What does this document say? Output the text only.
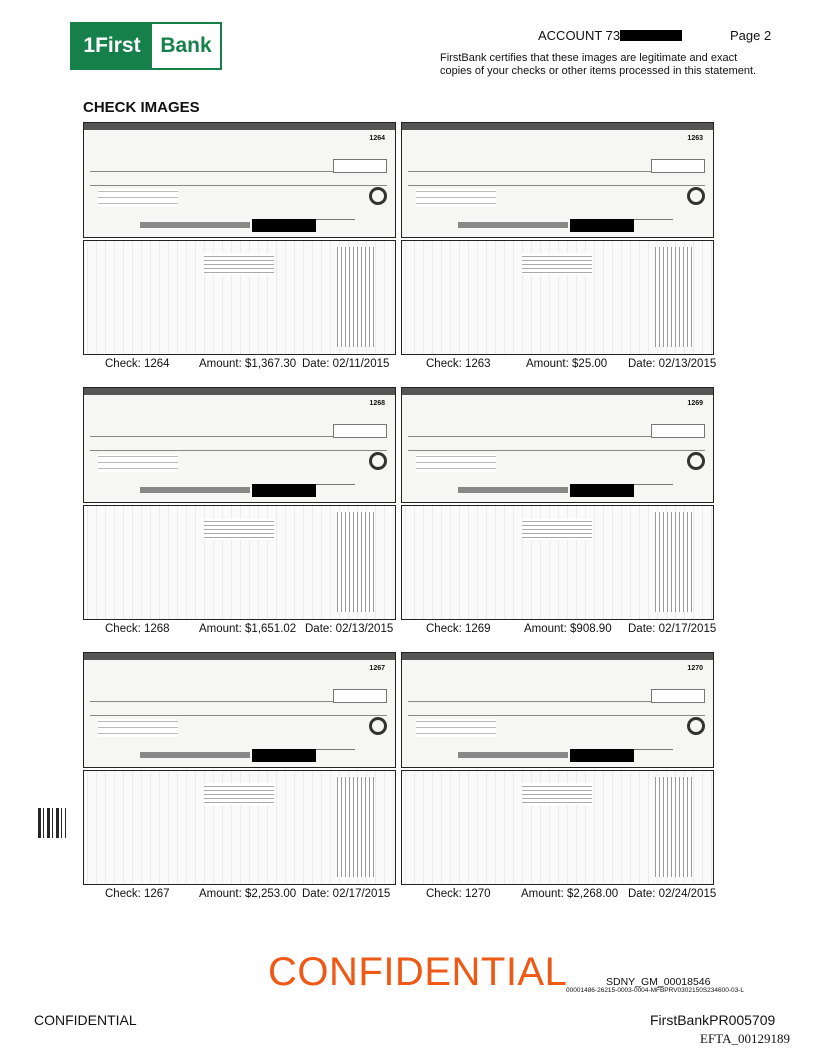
1First Bank	ACCOUNT 73	Page 2
FirstBank certifies that these images are legitimate and exact copies of your checks or other items processed in this statement.
CHECK IMAGES
1264
Check: 1264	Amount: $1,367.30 Date: 02/11/2015
1263
Check: 1263	Amount: $25.00 Date: 02/13/2015
1268
Check: 1268	Amount: $1,651.02 Date: 02/13/2015
1269
Check: 1269	Amount: $908.90 Date: 02/17/2015
1267
Check: 1267	Amount: $2,253.00 Date: 02/17/2015
1270
Check: 1270	Amount: $2,268.00 Date: 02/24/2015
CONFIDENTIAL	SDNY_GM_00018546
00001486-26215-0003-0004-MFBPRV0302150S234600-03-L
CONFIDENTIAL	FirstBankPR005709
EFTA_00129189
